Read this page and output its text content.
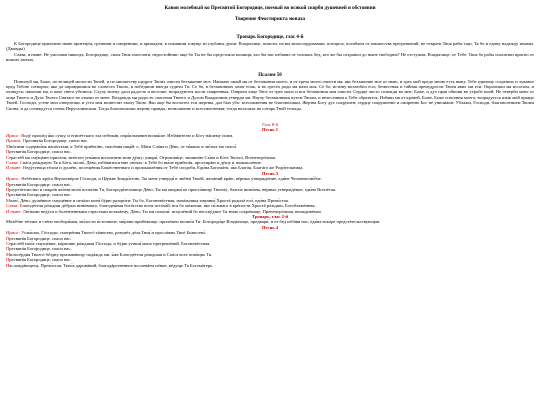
Канон молебный ко Пресвятой Богородице, поемый во всякой скорби душевней и обстоянии
Творение Феостирикта монаха
Тропарь Богородице, глас 4-й

К Богородице прилежно ныне притецем, грешнии и смиреннии, и припадем, в покаянии зовуще из глубины души: Владычице, помози, на ны милосердовавши, потщися, погибаем от множества прегрешений, не отврати Твоя рабы тщи, Тя бо и едину надежду имамы. (Дважды)

Слава, и ныне: Не умолчим никогда, Богородице, силы Твоя глаголати, недостойнии: аще бо Ты не бы предстояла молящи, кто бы нас избавил от толиких бед, кто же бы сохранил до ныне свободны? Не отступим, Владычице, от Тебе: Твоя бо рабы спасаеши присно от всяких лютых.

Псалом 50

Помилуй мя, Боже, по велицей милости Твоей, и по множеству щедрот Твоих очисти беззаконие мое. Наипаче омый мя от беззакония моего, и от греха моего очисти мя; яко беззаконие мое аз знаю, и грех мой предо мною есть выну. Тебе единому согреших и лукавое пред Тобою сотворих; яко да оправдишися во словесех Твоих, и победиши внегда судити Ти. Се бо, в беззакониих зачат есмь, и во гресех роди мя мати моя. Се бо, истину возлюбил еси; безвестная и тайная премудрости Твоея явил ми еси. Окропиши мя иссопом, и очищуся; омыеши мя, и паче снега убелюся. Слуху моему даси радость и веселие; возрадуются кости смиренныя. Отврати лице Твое от грех моих и вся беззакония моя очисти. Сердце чисто созижди во мне, Боже, и дух прав обнови во утробе моей. Не отверби мене от лица Твоего и Духа Твоего Святаго не отыми от мене. Воздаждь ми радость спасения Твоего и Духом Владычним утверди мя. Научу беззаконныя путем Твоим, и нечестивии к Тебе обратятся. Избави мя от кровей, Боже, Боже спасения моего; возрадуется язык мой правде Твоей. Господи, устне мои отверзеши, и уста моя возвестят хвалу Твою. Яко аще бы восхотел еси жертвы, дал бых убо: всесожжения не благоволиши. Жертва Богу дух сокрушен; сердце сокрушенно и смиренно Бог не уничижит. Ублажи, Господи, благоволением Твоим Сиона, и да созиждутся стены Иерусалимския. Тогда благоволиши жертву правды, возношение и всесожегаемая; тогда возложат на олтарь Твой тельцы.

Глас 8-й
Песнь 1

Ирмос: Водý прошéд я́ко сýшу, и египéтскаго зла избежáв, изра́ильтянин вопия́ше: Избáвителю и Бóгу нáшему поим.

Припев: Пресвятáя Богородице, спаси нас.

Мнóгими содержи́мь напáстьми, к Тебé прибегáю, спасéния ищя́й: о, Мáти Слóва и Дéво, от тя́жких и лю́тых мя спаси́.

Пресвятáя Богородице, спаси нас.

Страстéй мя смущáют прилóзи, мнóгаго уны́ния исполнити мою дýшу; умири́, Отрокови́це, тишинóю Сы́на и Бóга Твоегó, Всенепорóчная.

Слава: Спáса рóждшую Тя и Бóга, молю́, Дéво, избáвитися мне лю́тых: к Тебé бо ны́не прибегáя, простирáю и дýшу и помышлéние.

И ныне: Недýгующа тéлом и душéю, посещéния Божéственнаго и промышлéния от Тебé сподоби, Еди́на Богомáти, я́ко Благáя, Благáго же Роди́тельница.

Песнь 3

Ирмос: Небéснаго крýга Верхотвóрче Гóсподи, и Цéркве Зижди́телю, Ты мене утверди́ в любвú Твоéй, желáний крáю, вéрных утверждéние, еди́не Человеколю́бче.

Пресвятáя Богородице, спаси нас.

Предстáтельство и покрóв жи́зни моея́ полагáю Тя, Богороди́тельнице Дéво: Ты мя окорми́ ко приста́нищу Твоемý, благи́х вино́вна, вéрных утверждéние, еди́на Всепéтая.

Пресвятáя Богородице, спаси нас.

Молю́, Дéво, душéвное смущéние и печáли моея́ бýрю разори́ти: Ты бо, Богоневéстная, начáльника тишины́ Христá родилá еси́, еди́на Пречи́стая.

Слава: Благодéтеля рóждши дóбрых винóвнаго, благодея́ния богáтство всем источа́й, вся бо мóжеши, я́ко си́льнаго в крéпости Христá рóждши, Богоблажéнная.

И ныне: Лю́тыми недýги и болéзненными страстьми истязáему, Дéво, Ты ми помози́: исцелéний бо неоскýдное Тя знаю сокрóвище, Пренепорóчная, неиждивéмое.

Тропарь, глас 2-й

Молéбне тéплие и стéно необори́мая, ми́лости и́сточниче, ми́рови прибéжище, прилéжно вопие́м Ти: Богороди́це Владычице, предвари́, и от бед избáви нас, еди́на вскóре предстáтельствующая.

Песнь 4

Ирмос: Услы́шах, Гóсподи, смотрéния Твоегó тáинство, разумéх дéла Твоя́ и прослáвих Твоé Божество́.

Пресвятáя Богородице, спаси нас.

Страстéй мои́х смущéние, кóрмчию рóждшая Гóспода, и бýрю утиши́ моих прегрешéний, Богоневéстная.

Пресвятáя Богородице, спаси нас.

Милосéрдия Твоегó бéздну призывáющу подáждь ми, я́же Благодéтеля рóждшая и Спáса всех пою́щих Тя.

Пресвятáя Богородице, спаси нас.

Наслаждáющеся, Пречи́стая, Твои́х даровáний, благодáрственное воспевáем пéние, вéдуще Тя Богомáтерь.
